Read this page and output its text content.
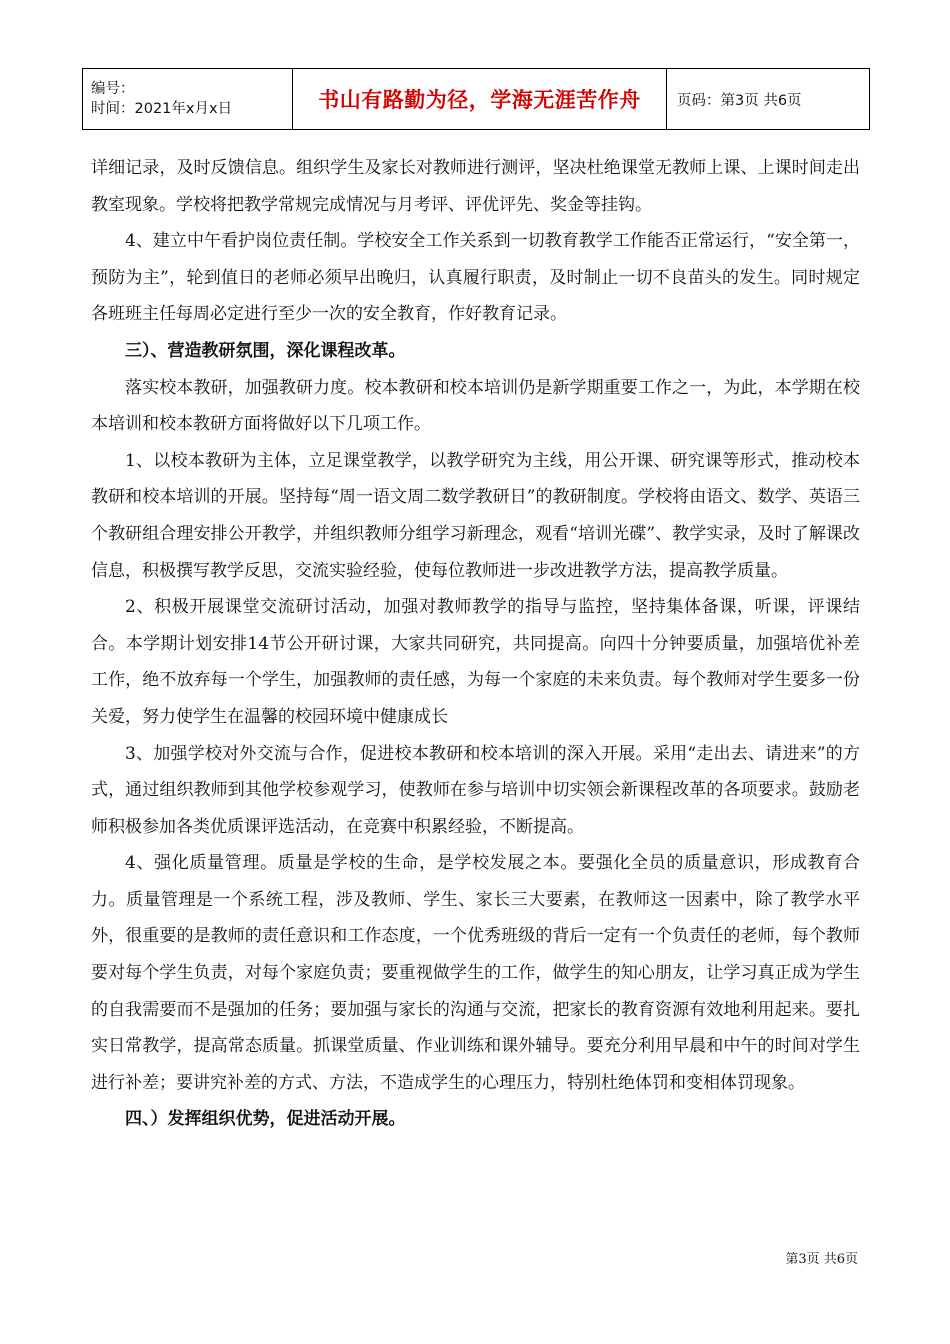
编号：
时间：2021年x月x日	书山有路勤为径，学海无涯苦作舟	页码：第3页 共6页

详细记录，及时反馈信息。组织学生及家长对教师进行测评，坚决杜绝课堂无教师上课、上课时间走出教室现象。学校将把教学常规完成情况与月考评、评优评先、奖金等挂钩。

4、建立中午看护岗位责任制。学校安全工作关系到一切教育教学工作能否正常运行，“安全第一，预防为主”，轮到值日的老师必须早出晚归，认真履行职责，及时制止一切不良苗头的发生。同时规定各班班主任每周必定进行至少一次的安全教育，作好教育记录。

三）、营造教研氛围，深化课程改革。

落实校本教研，加强教研力度。校本教研和校本培训仍是新学期重要工作之一，为此，本学期在校本培训和校本教研方面将做好以下几项工作。

1、以校本教研为主体，立足课堂教学，以教学研究为主线，用公开课、研究课等形式，推动校本教研和校本培训的开展。坚持每“周一语文周二数学教研日”的教研制度。学校将由语文、数学、英语三个教研组合理安排公开教学，并组织教师分组学习新理念，观看“培训光碟”、教学实录，及时了解课改信息，积极撰写教学反思，交流实验经验，使每位教师进一步改进教学方法，提高教学质量。

2、积极开展课堂交流研讨活动，加强对教师教学的指导与监控，坚持集体备课，听课，评课结合。本学期计划安排14节公开研讨课，大家共同研究，共同提高。向四十分钟要质量，加强培优补差工作，绝不放弃每一个学生，加强教师的责任感，为每一个家庭的未来负责。每个教师对学生要多一份关爱，努力使学生在温馨的校园环境中健康成长

3、加强学校对外交流与合作，促进校本教研和校本培训的深入开展。采用“走出去、请进来”的方式，通过组织教师到其他学校参观学习，使教师在参与培训中切实领会新课程改革的各项要求。鼓励老师积极参加各类优质课评选活动，在竞赛中积累经验，不断提高。

4、强化质量管理。质量是学校的生命，是学校发展之本。要强化全员的质量意识，形成教育合力。质量管理是一个系统工程，涉及教师、学生、家长三大要素，在教师这一因素中，除了教学水平外，很重要的是教师的责任意识和工作态度，一个优秀班级的背后一定有一个负责任的老师，每个教师要对每个学生负责，对每个家庭负责；要重视做学生的工作，做学生的知心朋友，让学习真正成为学生的自我需要而不是强加的任务；要加强与家长的沟通与交流，把家长的教育资源有效地利用起来。要扎实日常教学，提高常态质量。抓课堂质量、作业训练和课外辅导。要充分利用早晨和中午的时间对学生进行补差；要讲究补差的方式、方法，不造成学生的心理压力，特别杜绝体罚和变相体罚现象。

四、）发挥组织优势，促进活动开展。

第3页 共6页
